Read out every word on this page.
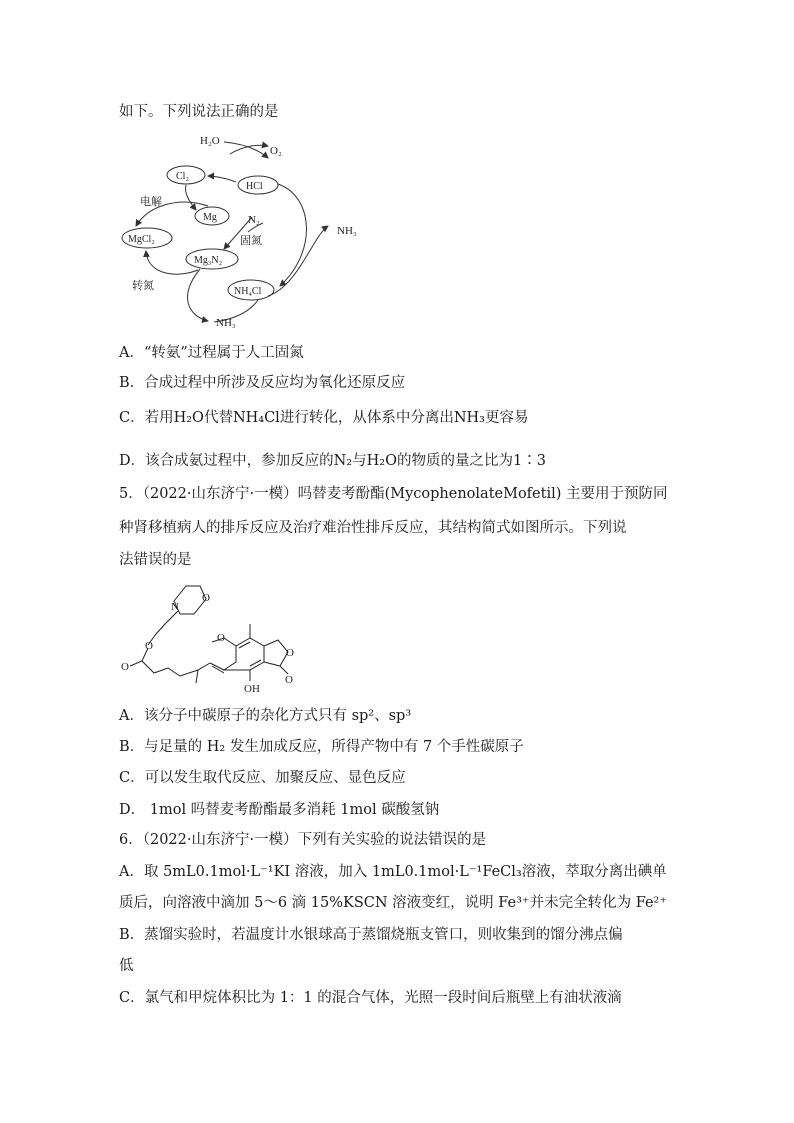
如下。下列说法正确的是
H₂O
O₂
Cl₂
HCl
电解
Mg	N₂
固氮
MgCl₂
Mg₃N₂
NH₃
转氮	NH₄Cl
NH₃
A．“转氨”过程属于人工固氮
B．合成过程中所涉及反应均为氧化还原反应
C．若用H₂O代替NH₄Cl进行转化，从体系中分离出NH₃更容易
D．该合成氨过程中，参加反应的N₂与H₂O的物质的量之比为1∶3
5．（2022·山东济宁·一模）吗替麦考酚酯(MycophenolateMofetil) 主要用于预防同
种肾移植病人的排斥反应及治疗难治性排斥反应，其结构简式如图所示。下列说
法错误的是
O
N
O
O
O
O
O
OH
A．该分子中碳原子的杂化方式只有 sp²、sp³
B．与足量的 H₂ 发生加成反应，所得产物中有 7 个手性碳原子
C．可以发生取代反应、加聚反应、显色反应
D． 1mol 吗替麦考酚酯最多消耗 1mol 碳酸氢钠
6．（2022·山东济宁·一模）下列有关实验的说法错误的是
A．取 5mL0.1mol·L⁻¹KI 溶液，加入 1mL0.1mol·L⁻¹FeCl₃溶液，萃取分离出碘单
质后，向溶液中滴加 5～6 滴 15%KSCN 溶液变红，说明 Fe³⁺并未完全转化为 Fe²⁺
B．蒸馏实验时，若温度计水银球高于蒸馏烧瓶支管口，则收集到的馏分沸点偏
低
C．氯气和甲烷体积比为 1：1 的混合气体，光照一段时间后瓶壁上有油状液滴
